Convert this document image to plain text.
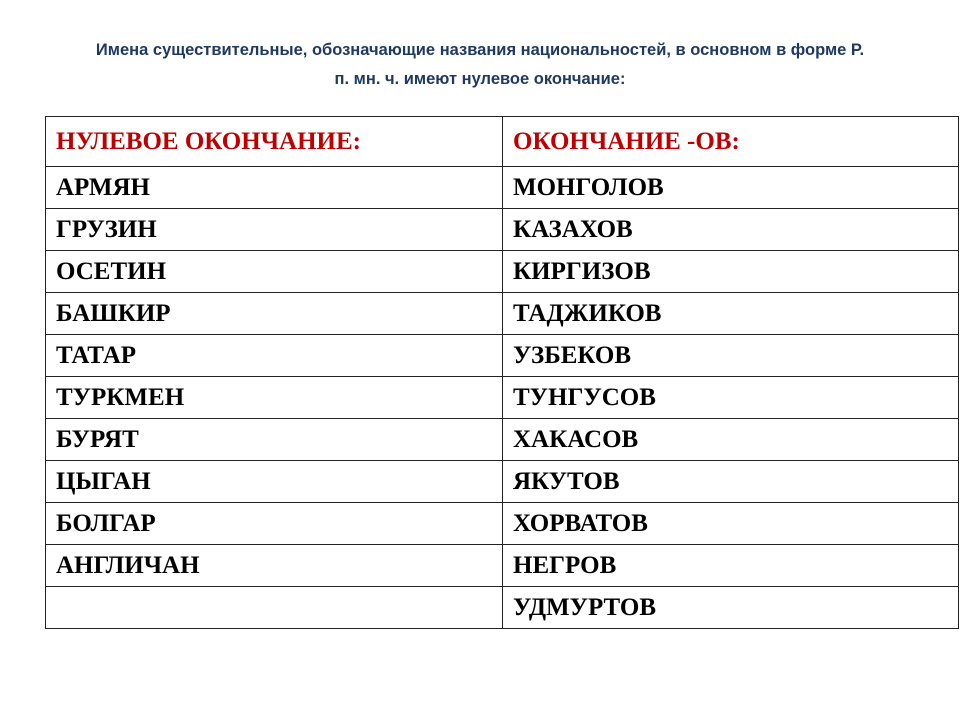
Имена существительные, обозначающие названия национальностей, в основном в форме Р.
п. мн. ч. имеют нулевое окончание:
НУЛЕВОЕ ОКОНЧАНИЕ:	ОКОНЧАНИЕ -ОВ:
АРМЯН	МОНГОЛОВ
ГРУЗИН	КАЗАХОВ
ОСЕТИН	КИРГИЗОВ
БАШКИР	ТАДЖИКОВ
ТАТАР	УЗБЕКОВ
ТУРКМЕН	ТУНГУСОВ
БУРЯТ	ХАКАСОВ
ЦЫГАН	ЯКУТОВ
БОЛГАР	ХОРВАТОВ
АНГЛИЧАН	НЕГРОВ
	УДМУРТОВ
